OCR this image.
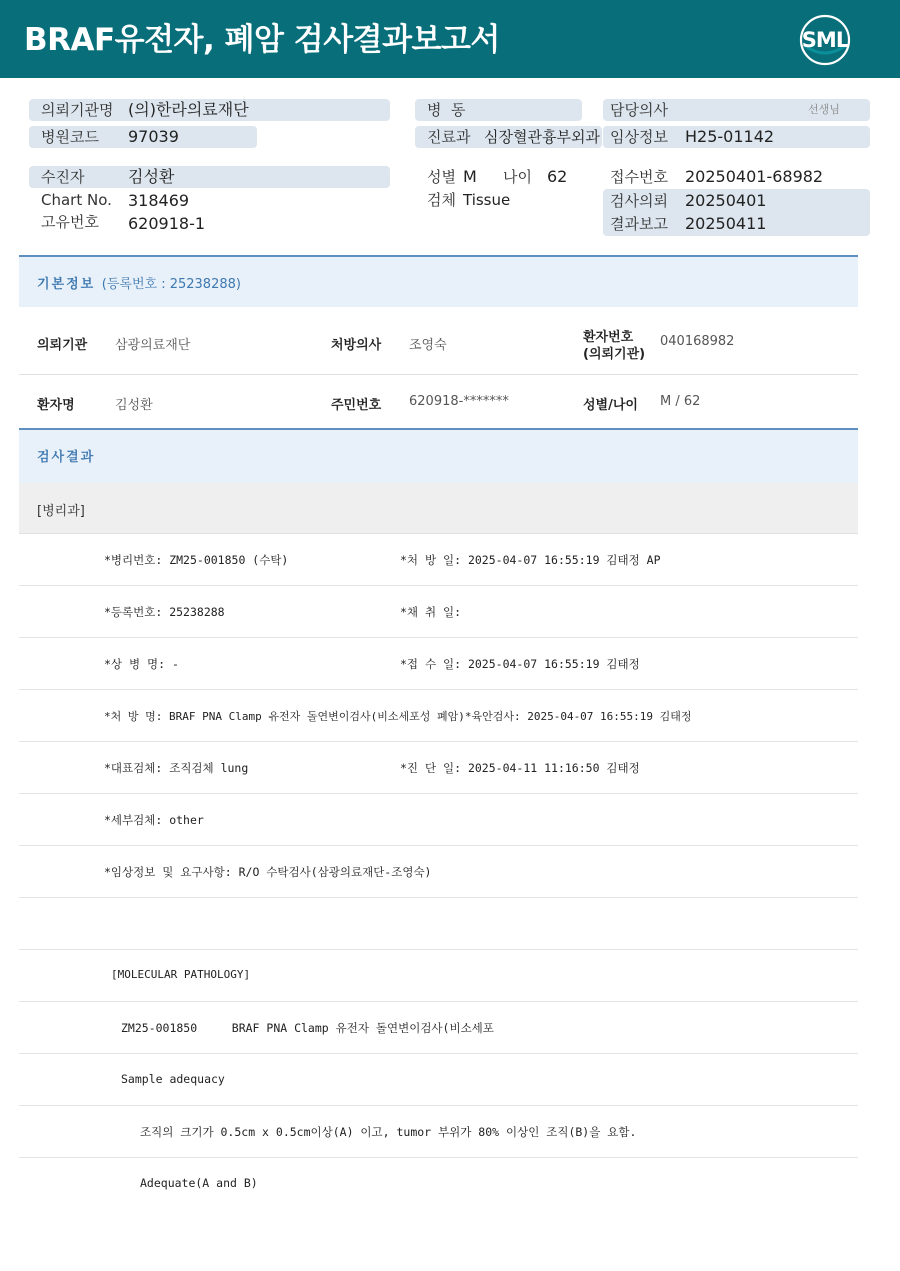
BRAF유전자, 폐암 검사결과보고서	SML
의뢰기관명 (의)한라의료재단
병원코드 97039
병  동
진료과 심장혈관흉부외과
담당의사	선생님
임상정보 H25-01142
수진자	김성환
Chart No. 318469
고유번호 620918-1
성별 M 나이 62
검체 Tissue
접수번호 20250401-68982
검사의뢰 20250401
결과보고 20250411
기본정보 (등록번호 : 25238288)
의뢰기관 삼광의료재단	처방의사 조영숙
환자번호
(의뢰기관)
040168982
환자명	김성환	주민번호 620918-*******	성별/나이 M / 62
검사결과
[병리과]
*병리번호: ZM25-001850 (수탁)	*처 방 일: 2025-04-07 16:55:19 김태정 AP
*등록번호: 25238288	*채 취 일:
*상 병 명: -	*접 수 일: 2025-04-07 16:55:19 김태정
*처 방 명: BRAF PNA Clamp 유전자 돌연변이검사(비소세포성 폐암)*육안검사: 2025-04-07 16:55:19 김태정
*대표검체: 조직검체 lung	*진 단 일: 2025-04-11 11:16:50 김태정
*세부검체: other
*임상정보 및 요구사항: R/O 수탁검사(삼광의료재단-조영숙)
[MOLECULAR PATHOLOGY]
ZM25-001850     BRAF PNA Clamp 유전자 돌연변이검사(비소세포
Sample adequacy
조직의 크기가 0.5cm x 0.5cm이상(A) 이고, tumor 부위가 80% 이상인 조직(B)을 요함.
Adequate(A and B)
